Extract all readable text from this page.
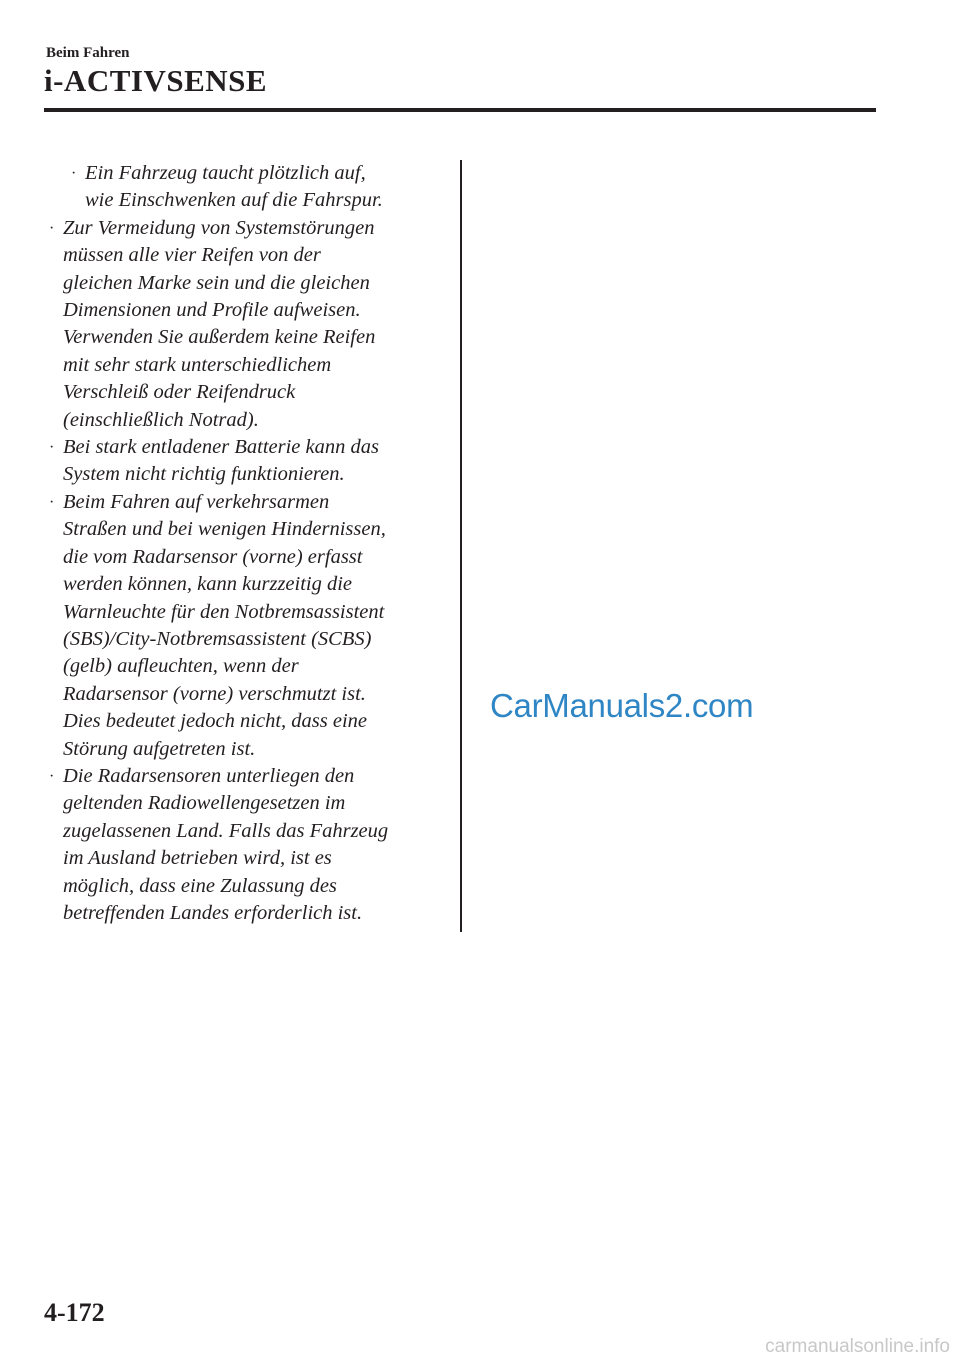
Beim Fahren
i-ACTIVSENSE
· Ein Fahrzeug taucht plötzlich auf,
wie Einschwenken auf die Fahrspur.
· Zur Vermeidung von Systemstörungen
müssen alle vier Reifen von der
gleichen Marke sein und die gleichen
Dimensionen und Profile aufweisen.
Verwenden Sie außerdem keine Reifen
mit sehr stark unterschiedlichem
Verschleiß oder Reifendruck
(einschließlich Notrad).
· Bei stark entladener Batterie kann das
System nicht richtig funktionieren.
· Beim Fahren auf verkehrsarmen
Straßen und bei wenigen Hindernissen,
die vom Radarsensor (vorne) erfasst
werden können, kann kurzzeitig die
Warnleuchte für den Notbremsassistent
(SBS)/City-Notbremsassistent (SCBS)
(gelb) aufleuchten, wenn der
Radarsensor (vorne) verschmutzt ist.
Dies bedeutet jedoch nicht, dass eine
Störung aufgetreten ist.
· Die Radarsensoren unterliegen den
geltenden Radiowellengesetzen im
zugelassenen Land. Falls das Fahrzeug
im Ausland betrieben wird, ist es
möglich, dass eine Zulassung des
betreffenden Landes erforderlich ist.
CarManuals2.com
4-172
carmanualsonline.info
